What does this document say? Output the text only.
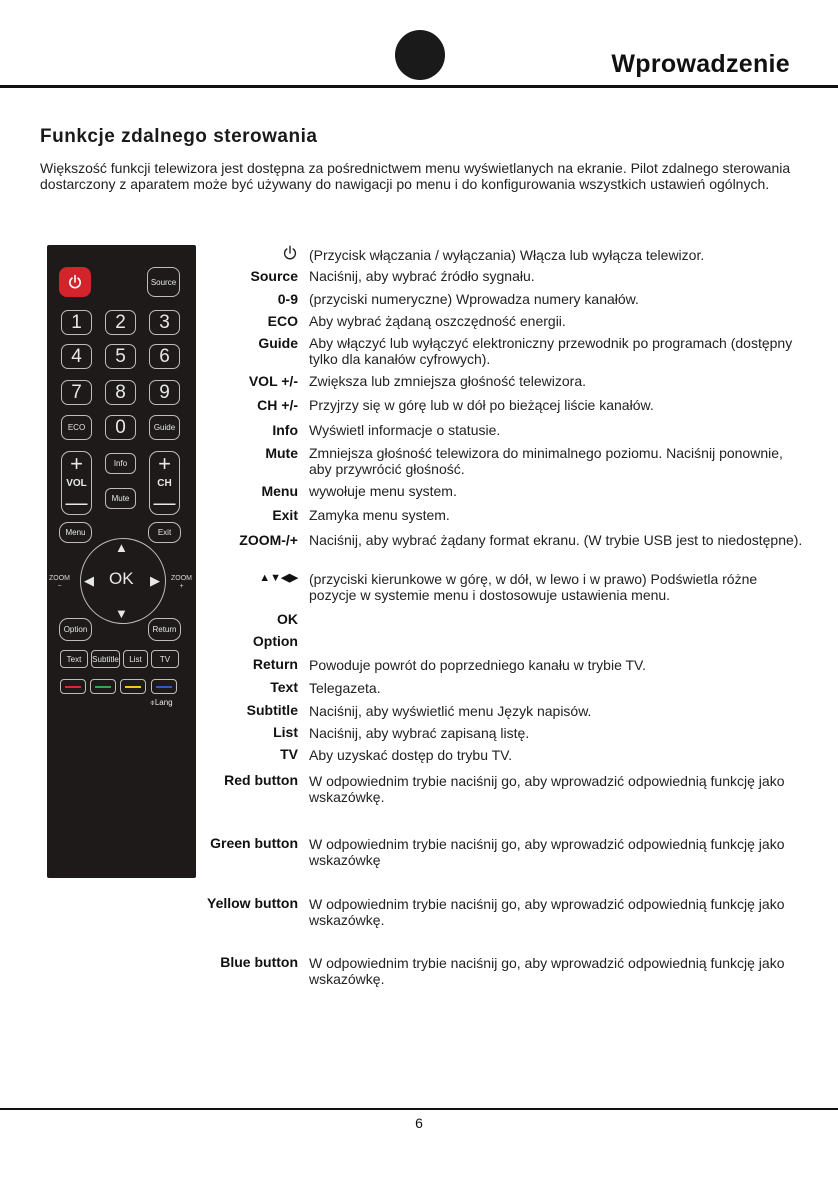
Wprowadzenie
Funkcje zdalnego sterowania
Większość funkcji telewizora jest dostępna za pośrednictwem menu wyświetlanych na ekranie. Pilot zdalnego sterowania dostarczony z aparatem może być używany do nawigacji po menu i do konfigurowania wszystkich ustawień ogólnych.
Source
1	2	3
4	5	6
7	8	9
ECO	0	Guide
+
VOL
—
Info
Mute
+
CH
—
Menu	Exit
▲
▼
◀	▶
OK
ZOOM
−
ZOOM
+
Option	Return
Text	Subtitle	List	TV
⌽Lang
(Przycisk włączania / wyłączania) Włącza lub wyłącza telewizor.
Source Naciśnij, aby wybrać źródło sygnału.
0-9 (przyciski numeryczne) Wprowadza numery kanałów.
ECO Aby wybrać żądaną oszczędność energii.
Guide Aby włączyć lub wyłączyć elektroniczny przewodnik po programach (dostępny tylko dla kanałów cyfrowych).
VOL +/- Zwiększa lub zmniejsza głośność telewizora.
CH +/- Przyjrzy się w górę lub w dół po bieżącej liście kanałów.
Info Wyświetl informacje o statusie.
Mute Zmniejsza głośność telewizora do minimalnego poziomu. Naciśnij ponownie, aby przywrócić głośność.
Menu wywołuje menu system.
Exit Zamyka menu system.
ZOOM-/+ Naciśnij, aby wybrać żądany format ekranu. (W trybie USB jest to niedostępne).
▲▼◀▶ (przyciski kierunkowe w górę, w dół, w lewo i w prawo) Podświetla różne pozycje w systemie menu i dostosowuje ustawienia menu.
OK
Option
Return Powoduje powrót do poprzedniego kanału w trybie TV.
Text Telegazeta.
Subtitle Naciśnij, aby wyświetlić menu Język napisów.
List Naciśnij, aby wybrać zapisaną listę.
TV Aby uzyskać dostęp do trybu TV.
Red button W odpowiednim trybie naciśnij go, aby wprowadzić odpowiednią funkcję jako wskazówkę.
Green button W odpowiednim trybie naciśnij go, aby wprowadzić odpowiednią funkcję jako wskazówkę
Yellow button W odpowiednim trybie naciśnij go, aby wprowadzić odpowiednią funkcję jako wskazówkę.
Blue button W odpowiednim trybie naciśnij go, aby wprowadzić odpowiednią funkcję jako wskazówkę.
6
